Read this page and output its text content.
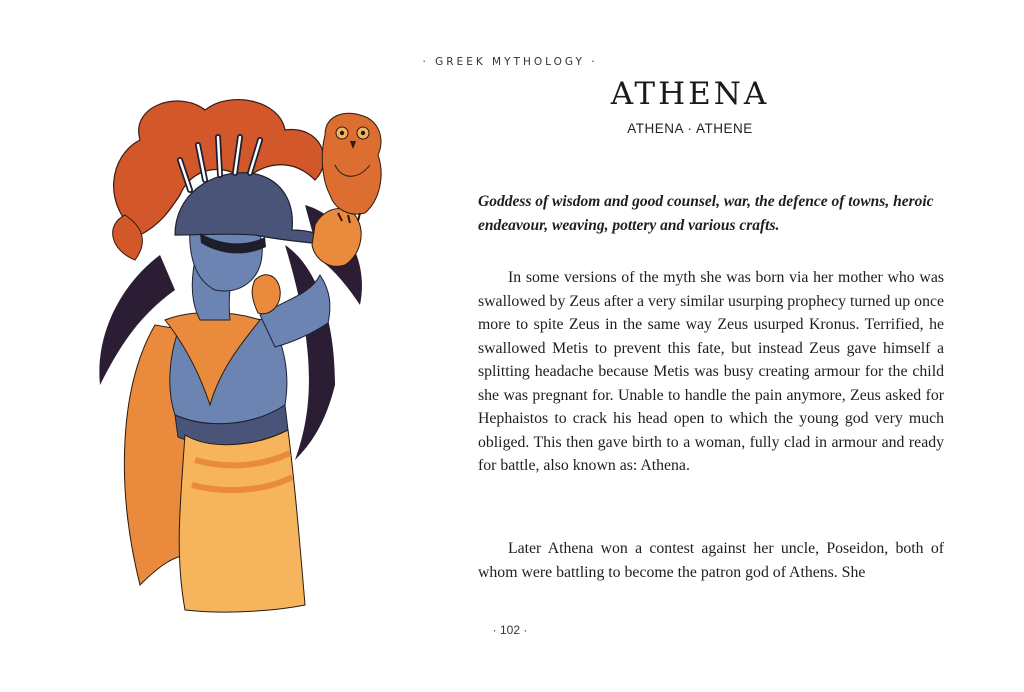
· GREEK MYTHOLOGY ·
ATHENA
ATHENA · ATHENE
Goddess of wisdom and good counsel, war, the defence of towns, heroic endeavour, weaving, pottery and various crafts.
In some versions of the myth she was born via her mother who was swallowed by Zeus after a very similar usurping prophecy turned up once more to spite Zeus in the same way Zeus usurped Kronus. Terrified, he swallowed Metis to prevent this fate, but instead Zeus gave himself a splitting headache because Metis was busy creating armour for the child she was pregnant for. Unable to handle the pain anymore, Zeus asked for Hephaistos to crack his head open to which the young god very much obliged. This then gave birth to a woman, fully clad in armour and ready for battle, also known as: Athena.
Later Athena won a contest against her uncle, Poseidon, both of whom were battling to become the patron god of Athens. She
· 102 ·
